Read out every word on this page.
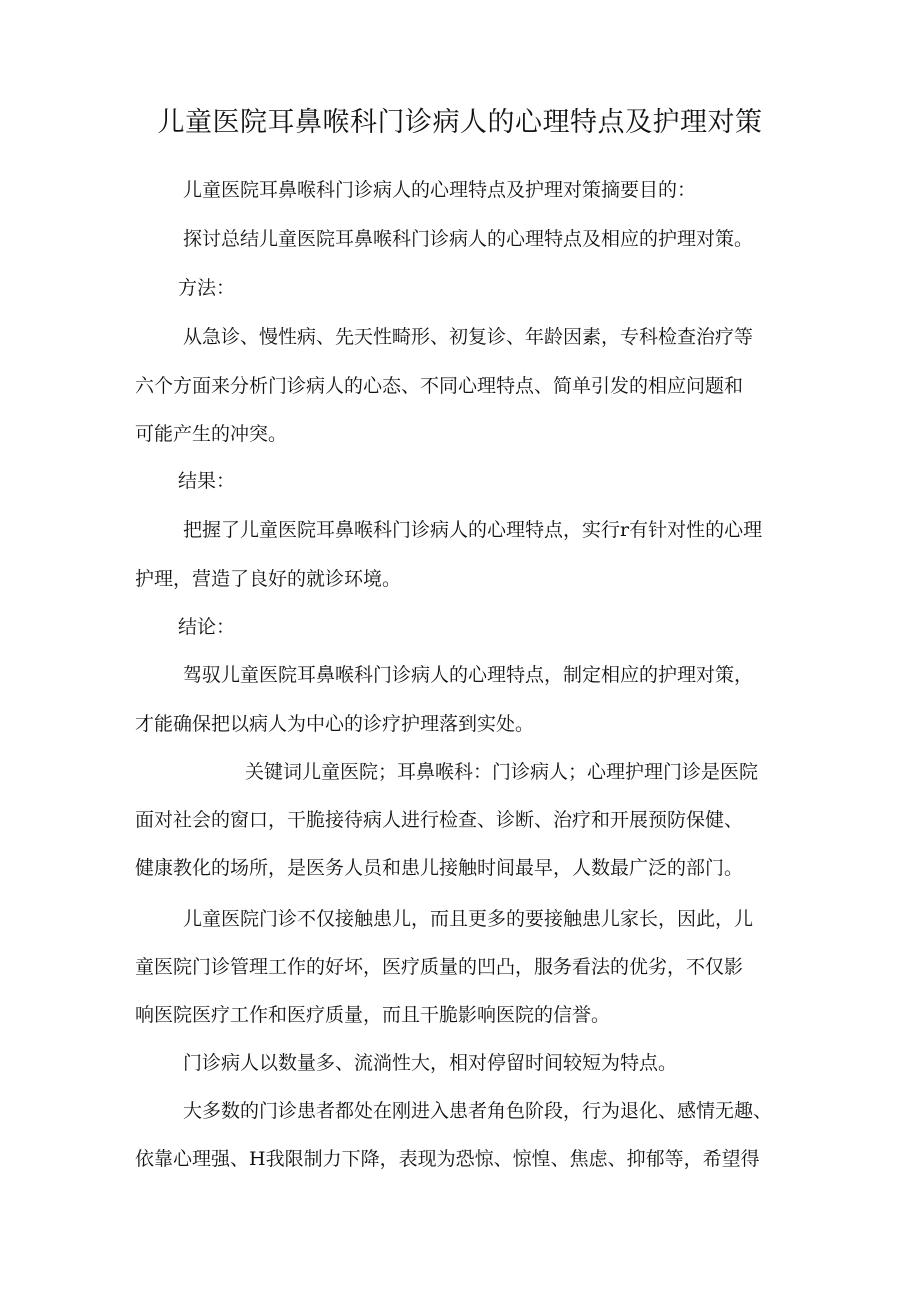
儿童医院耳鼻喉科门诊病人的心理特点及护理对策

儿童医院耳鼻喉科门诊病人的心理特点及护理对策摘要目的：

探讨总结儿童医院耳鼻喉科门诊病人的心理特点及相应的护理对策。

方法：

从急诊、慢性病、先天性畸形、初复诊、年龄因素，专科检查治疗等

六个方面来分析门诊病人的心态、不同心理特点、简单引发的相应问题和

可能产生的冲突。

结果：

把握了儿童医院耳鼻喉科门诊病人的心理特点，实行r有针对性的心理

护理，营造了良好的就诊环境。

结论：

驾驭儿童医院耳鼻喉科门诊病人的心理特点，制定相应的护理对策，

才能确保把以病人为中心的诊疗护理落到实处。

关键词儿童医院；耳鼻喉科：门诊病人；心理护理门诊是医院

面对社会的窗口，干脆接待病人进行检查、诊断、治疗和开展预防保健、

健康教化的场所，是医务人员和患儿接触时间最早，人数最广泛的部门。

儿童医院门诊不仅接触患儿，而且更多的要接触患儿家长，因此，儿

童医院门诊管理工作的好坏，医疗质量的凹凸，服务看法的优劣，不仅影

响医院医疗工作和医疗质量，而且干脆影响医院的信誉。

门诊病人以数量多、流淌性大，相对停留时间较短为特点。

大多数的门诊患者都处在刚进入患者角色阶段，行为退化、感情无趣、

依靠心理强、H我限制力下降，表现为恐惊、惊惶、焦虑、抑郁等，希望得
